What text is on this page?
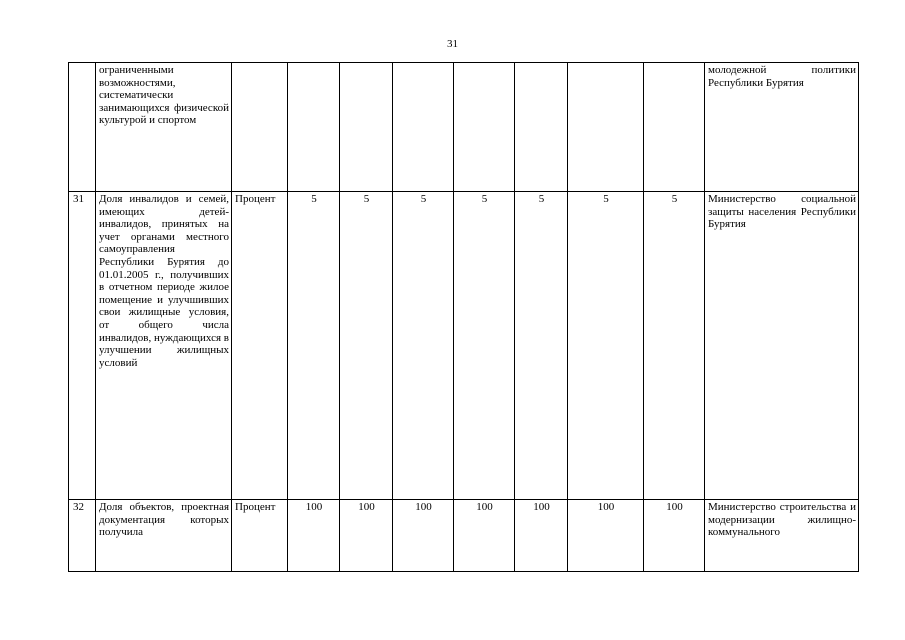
31
	ограниченными возможностями, систематически занимающихся физической культурой и спортом									молодежной политики Республики Бурятия
31	Доля инвалидов и семей, имеющих детей-инвалидов, принятых на учет органами местного самоуправления Республики Бурятия до 01.01.2005 г., получивших в отчетном периоде жилое помещение и улучшивших свои жилищные условия, от общего числа инвалидов, нуждающихся в улучшении жилищных условий	Процент	5	5	5	5	5	5	5	Министерство социальной защиты населения Республики Бурятия
32	Доля объектов, проектная документация которых получила	Процент	100	100	100	100	100	100	100	Министерство строительства и модернизации жилищно-коммунального
